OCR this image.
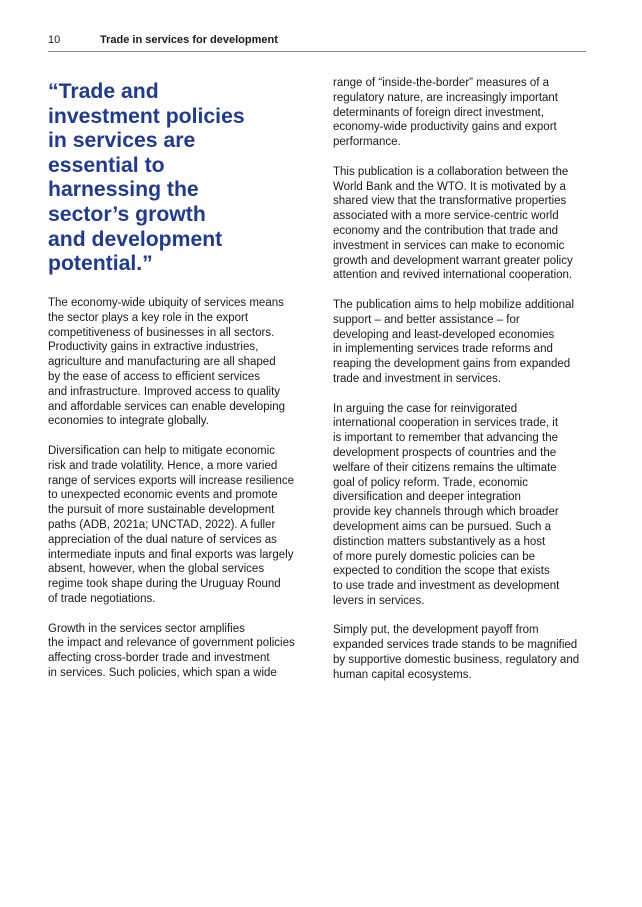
10	Trade in services for development
“Trade and
investment policies
in services are
essential to
harnessing the
sector’s growth
and development
potential.”

The economy-wide ubiquity of services means
the sector plays a key role in the export
competitiveness of businesses in all sectors.
Productivity gains in extractive industries,
agriculture and manufacturing are all shaped
by the ease of access to efficient services
and infrastructure. Improved access to quality
and affordable services can enable developing
economies to integrate globally.

Diversification can help to mitigate economic
risk and trade volatility. Hence, a more varied
range of services exports will increase resilience
to unexpected economic events and promote
the pursuit of more sustainable development
paths (ADB, 2021a; UNCTAD, 2022). A fuller
appreciation of the dual nature of services as
intermediate inputs and final exports was largely
absent, however, when the global services
regime took shape during the Uruguay Round
of trade negotiations.

Growth in the services sector amplifies
the impact and relevance of government policies
affecting cross-border trade and investment
in services. Such policies, which span a wide

range of “inside-the-border” measures of a
regulatory nature, are increasingly important
determinants of foreign direct investment,
economy-wide productivity gains and export
performance.

This publication is a collaboration between the
World Bank and the WTO. It is motivated by a
shared view that the transformative properties
associated with a more service-centric world
economy and the contribution that trade and
investment in services can make to economic
growth and development warrant greater policy
attention and revived international cooperation.

The publication aims to help mobilize additional
support – and better assistance – for
developing and least-developed economies
in implementing services trade reforms and
reaping the development gains from expanded
trade and investment in services.

In arguing the case for reinvigorated
international cooperation in services trade, it
is important to remember that advancing the
development prospects of countries and the
welfare of their citizens remains the ultimate
goal of policy reform. Trade, economic
diversification and deeper integration
provide key channels through which broader
development aims can be pursued. Such a
distinction matters substantively as a host
of more purely domestic policies can be
expected to condition the scope that exists
to use trade and investment as development
levers in services.

Simply put, the development payoff from
expanded services trade stands to be magnified
by supportive domestic business, regulatory and
human capital ecosystems.
